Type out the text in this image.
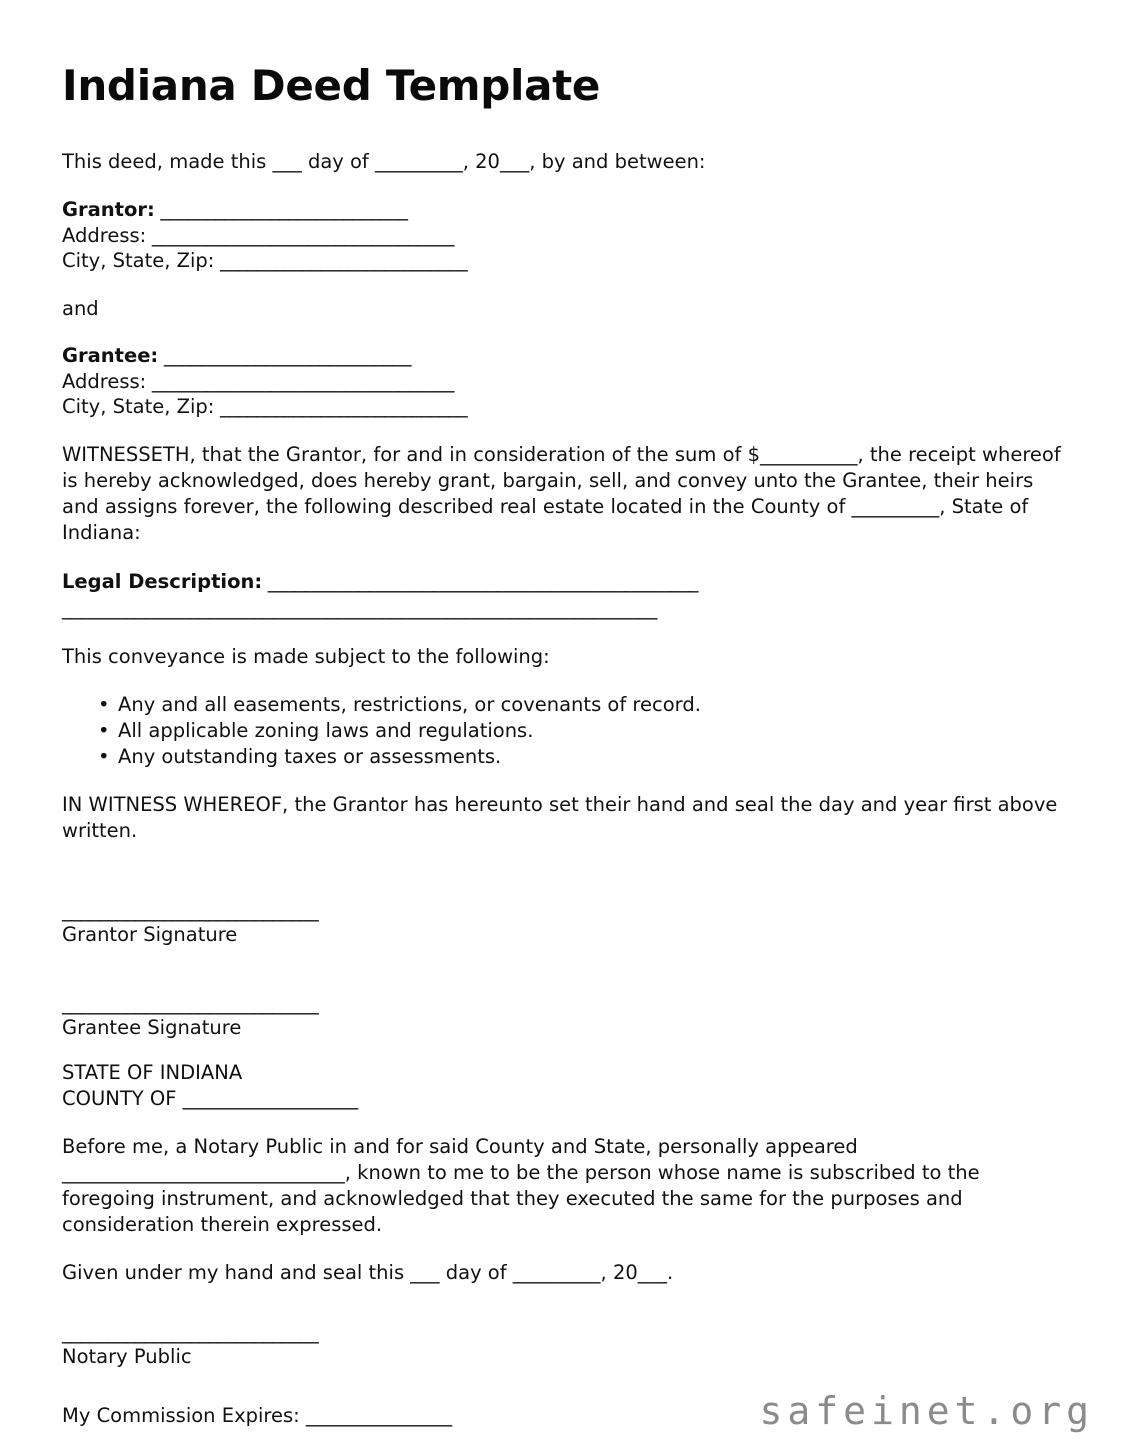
Indiana Deed Template

This deed, made this ___ day of _________, 20___, by and between:

Grantor: ___________________________
Address: _________________________________
City, State, Zip: ___________________________
and
Grantee: ___________________________
Address: _________________________________
City, State, Zip: ___________________________

WITNESSETH, that the Grantor, for and in consideration of the sum of $__________, the receipt whereof is hereby acknowledged, does hereby grant, bargain, sell, and convey unto the Grantee, their heirs and assigns forever, the following described real estate located in the County of _________, State of Indiana:

Legal Description: _______________________________________________
_________________________________________________________________

This conveyance is made subject to the following:

• Any and all easements, restrictions, or covenants of record.
• All applicable zoning laws and regulations.
• Any outstanding taxes or assessments.

IN WITNESS WHEREOF, the Grantor has hereunto set their hand and seal the day and year first above written.

____________________________
Grantor Signature
____________________________
Grantee Signature
STATE OF INDIANA
COUNTY OF __________________

Before me, a Notary Public in and for said County and State, personally appeared _____________________________, known to me to be the person whose name is subscribed to the foregoing instrument, and acknowledged that they executed the same for the purposes and consideration therein expressed.

Given under my hand and seal this ___ day of _________, 20___.

____________________________
Notary Public
My Commission Expires: _______________	safeinet.org
